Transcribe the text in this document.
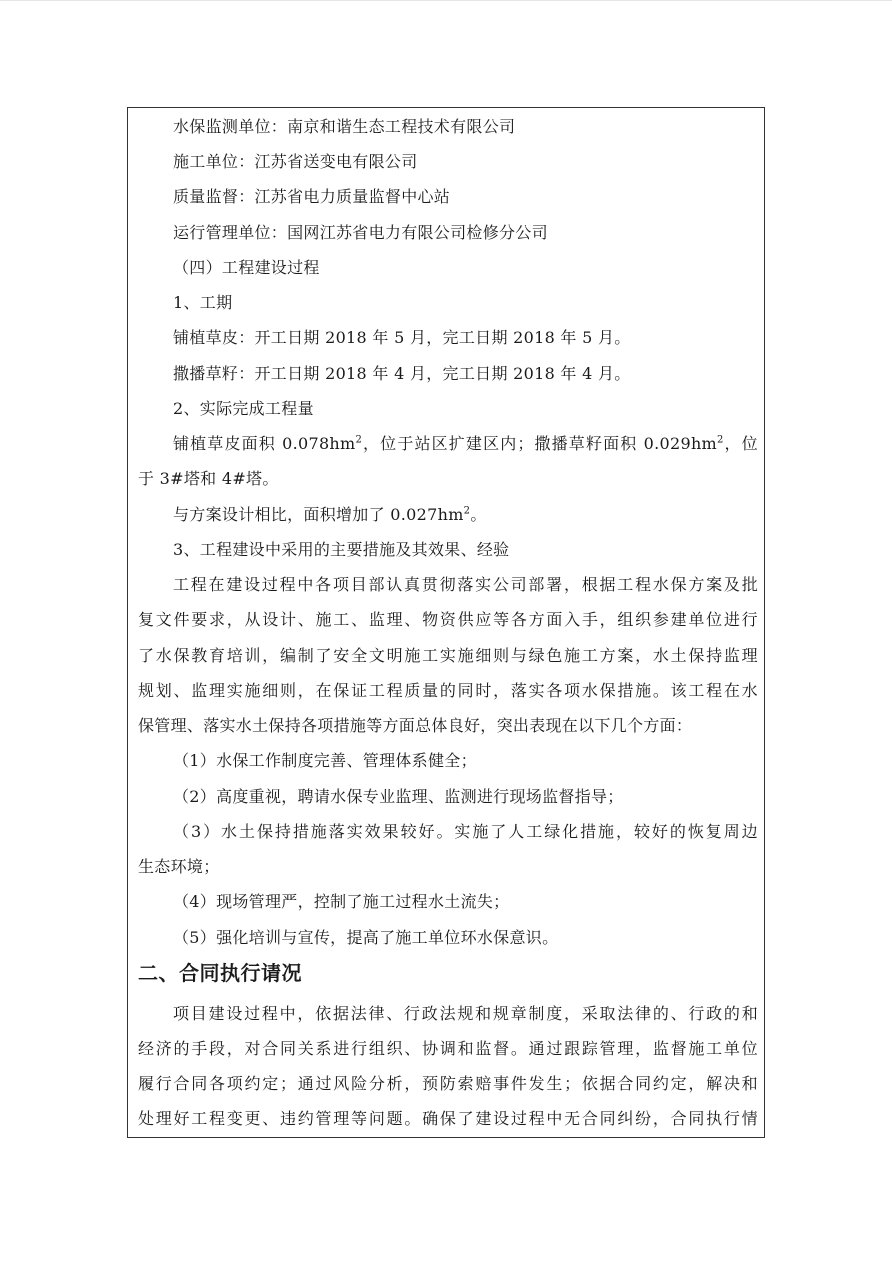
水保监测单位：南京和谐生态工程技术有限公司
施工单位：江苏省送变电有限公司
质量监督：江苏省电力质量监督中心站
运行管理单位：国网江苏省电力有限公司检修分公司
（四）工程建设过程
1、工期
铺植草皮：开工日期 2018 年 5 月，完工日期 2018 年 5 月。
撒播草籽：开工日期 2018 年 4 月，完工日期 2018 年 4 月。
2、实际完成工程量
铺植草皮面积 $0.078hm^2$，位于站区扩建区内；撒播草籽面积 $0.029hm^2$，位
于 3#塔和 4#塔。
与方案设计相比，面积增加了 $0.027hm^2$。
3、工程建设中采用的主要措施及其效果、经验
工程在建设过程中各项目部认真贯彻落实公司部署，根据工程水保方案及批
复文件要求，从设计、施工、监理、物资供应等各方面入手，组织参建单位进行
了水保教育培训，编制了安全文明施工实施细则与绿色施工方案，水土保持监理
规划、监理实施细则，在保证工程质量的同时，落实各项水保措施。该工程在水
保管理、落实水土保持各项措施等方面总体良好，突出表现在以下几个方面：
（1）水保工作制度完善、管理体系健全；
（2）高度重视，聘请水保专业监理、监测进行现场监督指导；
（3）水土保持措施落实效果较好。实施了人工绿化措施，较好的恢复周边
生态环境；
（4）现场管理严，控制了施工过程水土流失；
（5）强化培训与宣传，提高了施工单位环水保意识。
二、合同执行请况
项目建设过程中，依据法律、行政法规和规章制度，采取法律的、行政的和
经济的手段，对合同关系进行组织、协调和监督。通过跟踪管理，监督施工单位
履行合同各项约定；通过风险分析，预防索赔事件发生；依据合同约定，解决和
处理好工程变更、违约管理等问题。确保了建设过程中无合同纠纷，合同执行情
